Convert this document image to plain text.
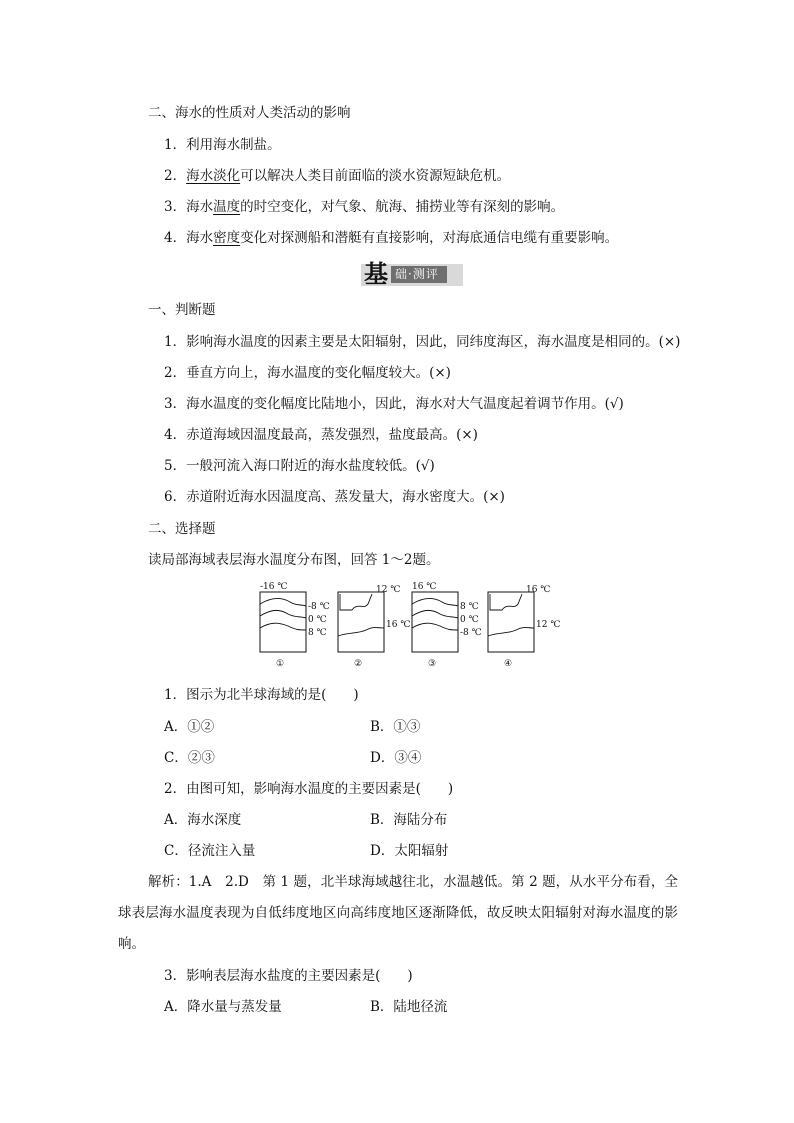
二、海水的性质对人类活动的影响
1．利用海水制盐。
2．海水淡化可以解决人类目前面临的淡水资源短缺危机。
3．海水温度的时空变化，对气象、航海、捕捞业等有深刻的影响。
4．海水密度变化对探测船和潜艇有直接影响，对海底通信电缆有重要影响。
基 础·测评
一、判断题
1．影响海水温度的因素主要是太阳辐射，因此，同纬度海区，海水温度是相同的。(×)
2．垂直方向上，海水温度的变化幅度较大。(×)
3．海水温度的变化幅度比陆地小，因此，海水对大气温度起着调节作用。(√)
4．赤道海域因温度最高，蒸发强烈，盐度最高。(×)
5．一般河流入海口附近的海水盐度较低。(√)
6．赤道附近海水因温度高、蒸发量大，海水密度大。(×)
二、选择题
读局部海域表层海水温度分布图，回答 1～2题。
-16 ℃
-8 ℃
0 ℃
8 ℃
①
12 ℃
16 ℃
②
16 ℃
8 ℃
0 ℃
-8 ℃
③
16 ℃
12 ℃
④
1．图示为北半球海域的是(　　)
A．①②	B．①③
C．②③	D．③④
2．由图可知，影响海水温度的主要因素是(　　)
A．海水深度	B．海陆分布
C．径流注入量	D．太阳辐射
解析：1.A　2.D　第 1 题，北半球海域越往北，水温越低。第 2 题，从水平分布看，全球表层海水温度表现为自低纬度地区向高纬度地区逐渐降低，故反映太阳辐射对海水温度的影响。
3．影响表层海水盐度的主要因素是(　　)
A．降水量与蒸发量	B．陆地径流
